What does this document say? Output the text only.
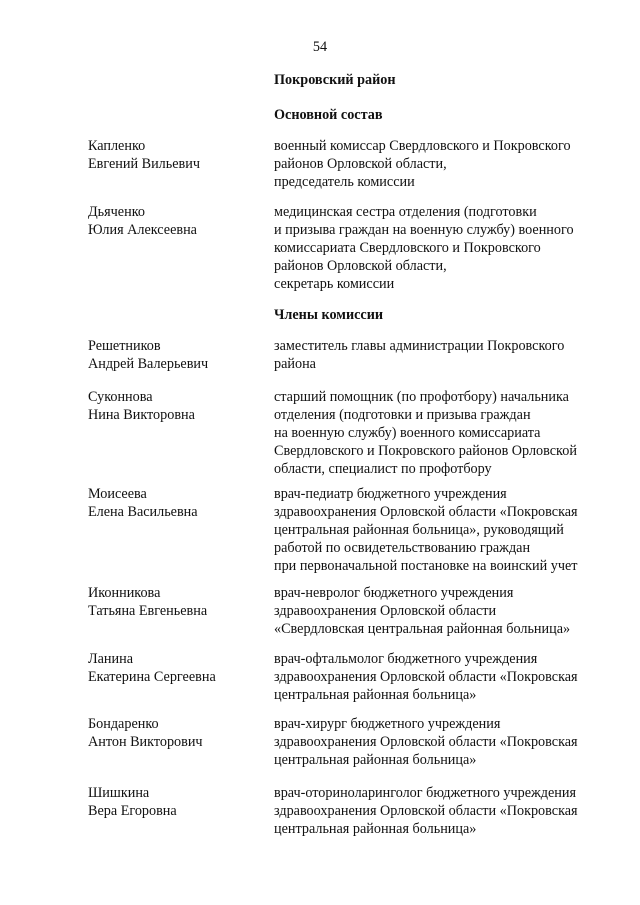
54
Покровский район
Основной состав
Капленко
Евгений Вильевич
военный комиссар Свердловского и Покровского
районов Орловской области,
председатель комиссии
Дьяченко
Юлия Алексеевна
медицинская сестра отделения (подготовки
и призыва граждан на военную службу) военного
комиссариата Свердловского и Покровского
районов Орловской области,
секретарь комиссии
Члены комиссии
Решетников
Андрей Валерьевич
заместитель главы администрации Покровского
района
Суконнова
Нина Викторовна
старший помощник (по профотбору) начальника
отделения (подготовки и призыва граждан
на военную службу) военного комиссариата
Свердловского и Покровского районов Орловской
области, специалист по профотбору
Моисеева
Елена Васильевна
врач-педиатр бюджетного учреждения
здравоохранения Орловской области «Покровская
центральная районная больница», руководящий
работой по освидетельствованию граждан
при первоначальной постановке на воинский учет
Иконникова
Татьяна Евгеньевна
врач-невролог бюджетного учреждения
здравоохранения Орловской области
«Свердловская центральная районная больница»
Ланина
Екатерина Сергеевна
врач-офтальмолог бюджетного учреждения
здравоохранения Орловской области «Покровская
центральная районная больница»
Бондаренко
Антон Викторович
врач-хирург бюджетного учреждения
здравоохранения Орловской области «Покровская
центральная районная больница»
Шишкина
Вера Егоровна
врач-оториноларинголог бюджетного учреждения
здравоохранения Орловской области «Покровская
центральная районная больница»
